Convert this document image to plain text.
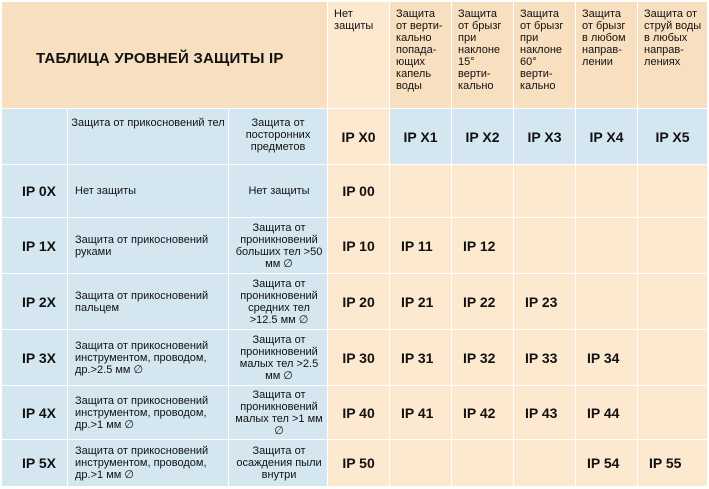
ТАБЛИЦА УРОВНЕЙ ЗАЩИТЫ IP			Нет защиты	Защита от верти-кально попада-ющих капель воды	Защита от брызг при наклоне 15° верти-кально	Защита от брызг при наклоне 60° верти-кально	Защита от брызг в любом направ-лении	Защита от струй воды в любых направ-лениях
	Защита от прикосновений тел	Защита от посторонних предметов	IP X0	IP X1	IP X2	IP X3	IP X4	IP X5
IP 0X	Нет защиты	Нет защиты	IP 00					
IP 1X	Защита от прикосновений руками	Защита от проникновений больших тел >50 мм ∅	IP 10	IP 11	IP 12			
IP 2X	Защита от прикосновений пальцем	Защита от проникновений средних тел >12.5 мм ∅	IP 20	IP 21	IP 22	IP 23		
IP 3X	Защита от прикосновений инструментом, проводом, др.>2.5 мм ∅	Защита от проникновений малых тел >2.5 мм ∅	IP 30	IP 31	IP 32	IP 33	IP 34	
IP 4X	Защита от прикосновений инструментом, проводом, др.>1 мм ∅	Защита от проникновений малых тел >1 мм ∅	IP 40	IP 41	IP 42	IP 43	IP 44	
IP 5X	Защита от прикосновений инструментом, проводом, др.>1 мм ∅	Защита от осаждения пыли внутри	IP 50				IP 54	IP 55
